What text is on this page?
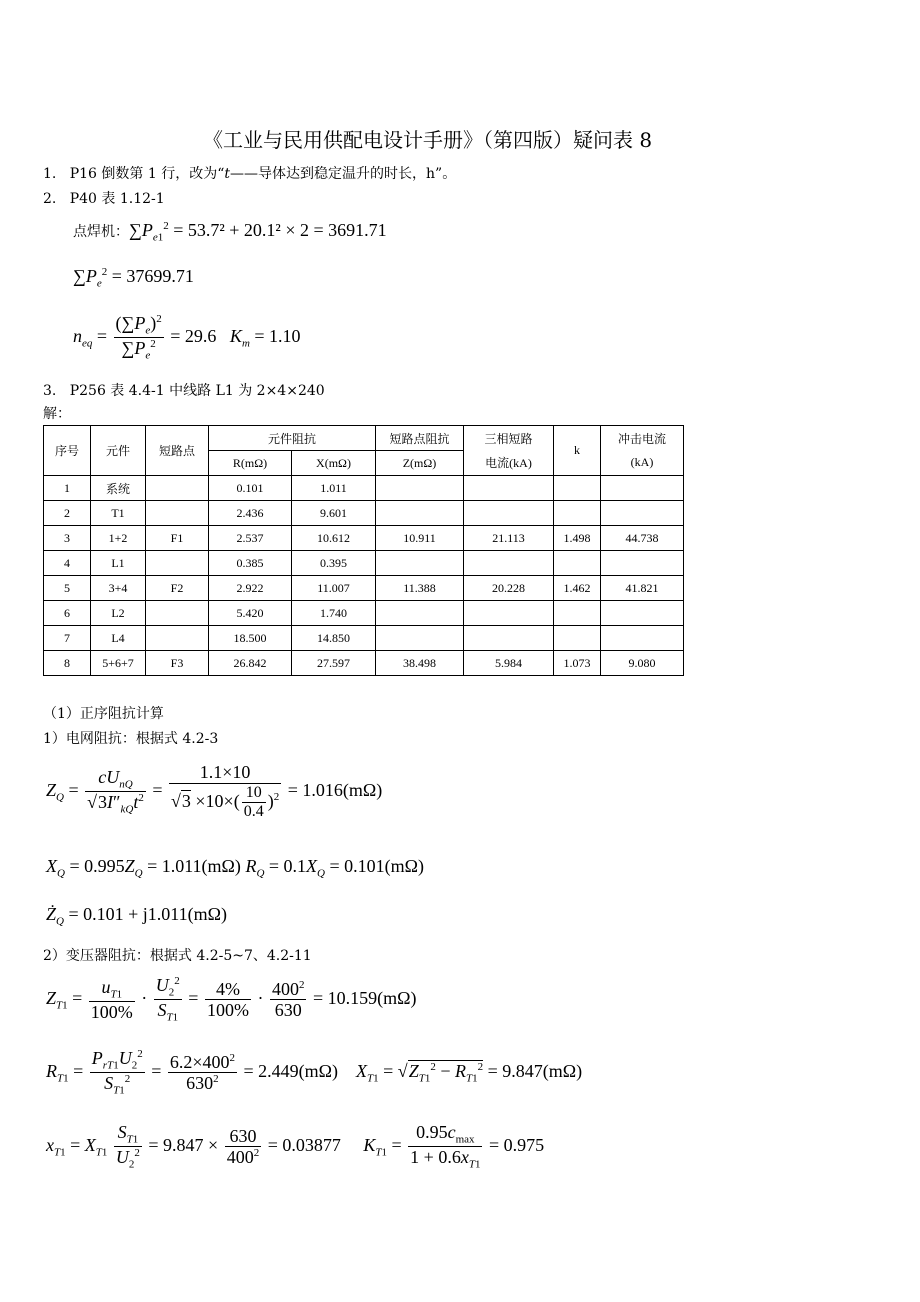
《工业与民用供配电设计手册》（第四版）疑问表 8
1. P16 倒数第 1 行，改为“t——导体达到稳定温升的时长，h”。
2. P40 表 1.12-1
点焊机：$\sum P_{e1}^2 = 53.7^2 + 20.1^2 \times 2 = 3691.71$
$\sum P_e^2 = 37699.71$
$n_{eq} = \frac{(\sum P_e)^2}{\sum P_e^2} = 29.6$ $K_m = 1.10$
3. P256 表 4.4-1 中线路 L1 为 2×4×240
解：
序号	元件	短路点	元件阻抗		短路点阻抗	三相短路	k	冲击电流
			R(mΩ)	X(mΩ)	Z(mΩ)	电流(kA)		(kA)
1	系统		0.101	1.011				
2	T1		2.436	9.601				
3	1+2	F1	2.537	10.612	10.911	21.113	1.498	44.738
4	L1		0.385	0.395				
5	3+4	F2	2.922	11.007	11.388	20.228	1.462	41.821
6	L2		5.420	1.740				
7	L4		18.500	14.850				
8	5+6+7	F3	26.842	27.597	38.498	5.984	1.073	9.080
（1）正序阻抗计算
1）电网阻抗：根据式 4.2-3
$Z_Q = \frac{cU_{nQ}}{√3I''_{kQ}t^2} = \frac{1.1\times 10}{√3 \times 10\times( \frac{10}{0.4} )^2} = 1.016(m\Omega)$
$X_Q = 0.995Z_Q = 1.011(m\Omega) R_Q = 0.1X_Q = 0.101(m\Omega)$
$Ż_Q = 0.101 + j1.011(m\Omega)$
2）变压器阻抗：根据式 4.2-5~7、4.2-11
$Z_{T1} = \frac{u_{T1}}{100\%} \cdot \frac{U_2^2}{S_{T1}} = \frac{4\%}{100\%} \cdot \frac{400^2}{630} = 10.159(m\Omega)$
$R_{T1} = \frac{P_{rT1}U_2^2}{S_{T1}^2} = \frac{6.2\times 400^2}{630^2} = 2.449(m\Omega) X_{T1} = √Z_{T1}^2 - R_{T1}^2 = 9.847(m\Omega)$
$x_{T1} = X_{T1} \frac{S_{T1}}{U_2^2} = 9.847 \times \frac{630}{400^2} = 0.03877$ $K_{T1} = \frac{0.95c_{max}}{1 + 0.6x_{T1}} = 0.975$
